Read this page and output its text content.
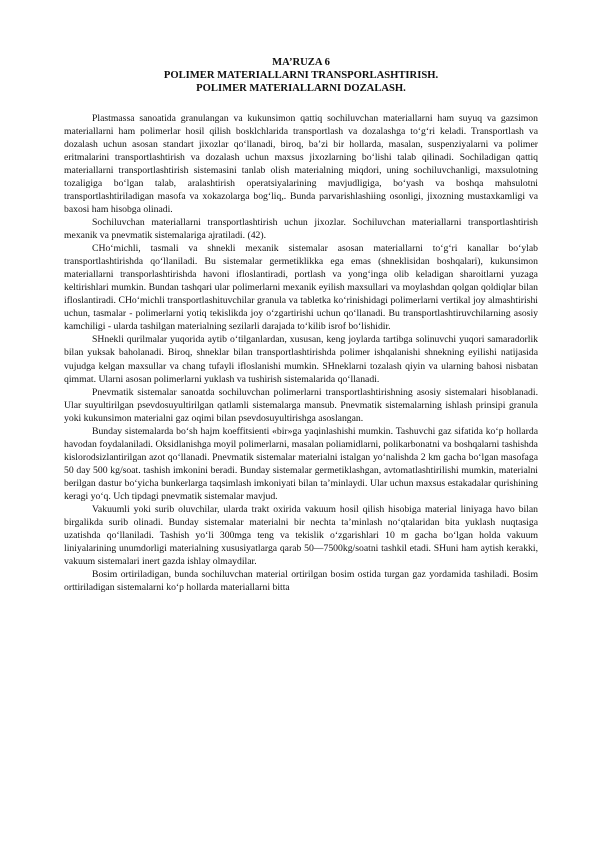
MA’RUZA 6
POLIMER MATERIALLARNI TRANSPORLASHTIRISH.
POLIMER MATERIALLARNI DOZALASH.

Plastmassa sanoatida granulangan va kukunsimon qattiq sochiluvchan materiallarni ham suyuq va gazsimon materiallarni ham polimerlar hosil qilish bosklchlarida transportlash va dozalashga to‘g‘ri keladi. Transportlash va dozalash uchun asosan standart jixozlar qo‘llanadi, biroq, ba’zi bir hollarda, masalan, suspenziyalarni va polimer eritmalarini transportlashtirish va dozalash uchun maxsus jixozlarning bo‘lishi talab qilinadi. Sochiladigan qattiq materiallarni transportlashtirish sistemasini tanlab olish materialning miqdori, uning sochiluvchanligi, maxsulotning tozaligiga bo‘lgan talab, aralashtirish operatsiyalarining mavjudligiga, bo‘yash va boshqa mahsulotni transportlashtiriladigan masofa va xokazolarga bog‘liq,. Bunda parvarishlashiing osonligi, jixozning mustaxkamligi va baxosi ham hisobga olinadi.

Sochiluvchan materiallarni transportlashtirish uchun jixozlar. Sochiluvchan materiallarni transportlashtirish mexanik va pnevmatik sistemalariga ajratiladi. (42).

CHo‘michli, tasmali va shnekli mexanik sistemalar asosan materiallarni to‘g‘ri kanallar bo‘ylab transportlashtirishda qo‘llaniladi. Bu sistemalar germetiklikka ega emas (shneklisidan boshqalari), kukunsimon materiallarni transporlashtirishda havoni ifloslantiradi, portlash va yong‘inga olib keladigan sharoitlarni yuzaga keltirishlari mumkin. Bundan tashqari ular polimerlarni mexanik eyilish maxsullari va moylashdan qolgan qoldiqlar bilan ifloslantiradi. CHo‘michli transportlashituvchilar granula va tabletka ko‘rinishidagi polimerlarni vertikal joy almashtirishi uchun, tasmalar - polimerlarni yotiq tekislikda joy o‘zgartirishi uchun qo‘llanadi. Bu transportlashtiruvchilarning asosiy kamchiligi - ularda tashilgan materialning sezilarli darajada to‘kilib isrof bo‘lishidir.

SHnekli qurilmalar yuqorida aytib o‘tilganlardan, xususan, keng joylarda tartibga solinuvchi yuqori samaradorlik bilan yuksak baholanadi. Biroq, shneklar bilan transportlashtirishda polimer ishqalanishi shnekning eyilishi natijasida vujudga kelgan maxsullar va chang tufayli ifloslanishi mumkin. SHneklarni tozalash qiyin va ularning bahosi nisbatan qimmat. Ularni asosan polimerlarni yuklash va tushirish sistemalarida qo‘llanadi.

Pnevmatik sistemalar sanoatda sochiluvchan polimerlarni transportlashtirishning asosiy sistemalari hisoblanadi. Ular suyultirilgan psevdosuyultirilgan qatlamli sistemalarga mansub. Pnevmatik sistemalarning ishlash prinsipi granula yoki kukunsimon materialni gaz oqimi bilan psevdosuyultirishga asoslangan.

Bunday sistemalarda bo‘sh hajm koeffitsienti «bir»ga yaqinlashishi mumkin. Tashuvchi gaz sifatida ko‘p hollarda havodan foydalaniladi. Oksidlanishga moyil polimerlarni, masalan poliamidlarni, polikarbonatni va boshqalarni tashishda kislorodsizlantirilgan azot qo‘llanadi. Pnevmatik sistemalar materialni istalgan yo‘nalishda 2 km gacha bo‘lgan masofaga 50 day 500 kg/soat. tashish imkonini beradi. Bunday sistemalar germetiklashgan, avtomatlashtirilishi mumkin, materialni berilgan dastur bo‘yicha bunkerlarga taqsimlash imkoniyati bilan ta’minlaydi. Ular uchun maxsus estakadalar qurishining keragi yo‘q. Uch tipdagi pnevmatik sistemalar mavjud.

Vakuumli yoki surib oluvchilar, ularda trakt oxirida vakuum hosil qilish hisobiga material liniyaga havo bilan birgalikda surib olinadi. Bunday sistemalar materialni bir nechta ta’minlash no‘qtalaridan bita yuklash nuqtasiga uzatishda qo‘llaniladi. Tashish yo‘li 300mga teng va tekislik o‘zgarishlari 10 m gacha bo‘lgan holda vakuum liniyalarining unumdorligi materialning xususiyatlarga qarab 50—7500kg/soatni tashkil etadi. SHuni ham aytish kerakki, vakuum sistemalari inert gazda ishlay olmaydilar.

Bosim ortiriladigan, bunda sochiluvchan material ortirilgan bosim ostida turgan gaz yordamida tashiladi. Bosim orttiriladigan sistemalarni ko‘p hollarda materiallarni bitta
